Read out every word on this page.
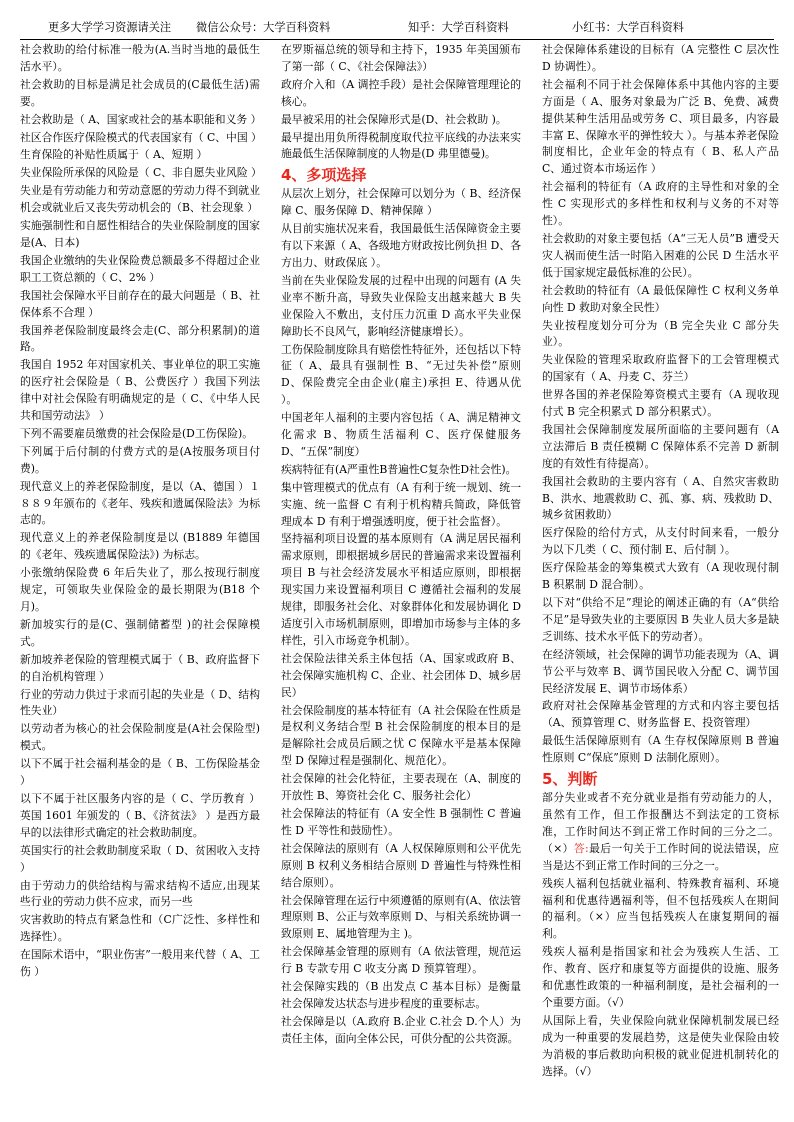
更多大学学习资源请关注 微信公众号：大学百科资料	知乎：大学百科资料	小红书：大学百科资料

社会救助的给付标准一般为(A.当时当地的最低生活水平）。

社会救助的目标是满足社会成员的(C最低生活)需要。

社会救助是（ A、国家或社会的基本职能和义务 ）

社区合作医疗保险模式的代表国家有（ C、中国 ）

生育保险的补贴性质属于（ A、短期 ）

失业保险所承保的风险是（ C、非自愿失业风险 ）

失业是有劳动能力和劳动意愿的劳动力得不到就业机会或就业后又丧失劳动机会的（B、社会现象 ）

实施强制性和自愿性相结合的失业保险制度的国家是(A、日本)

我国企业缴纳的失业保险费总额最多不得超过企业职工工资总额的（ C、2% ）

我国社会保障水平目前存在的最大问题是（ B、社保体系不合理 ）

我国养老保险制度最终会走(C、部分积累制)的道路。

我国自 1952 年对国家机关、事业单位的职工实施的医疗社会保险是（ B、公费医疗 ）我国下列法律中对社会保险有明确规定的是（ C、《中华人民共和国劳动法》 ）

下列不需要雇员缴费的社会保险是(D工伤保险)。

下列属于后付制的付费方式的是(A按服务项目付费)。

现代意义上的养老保险制度，是以（A、德国 ）１８８９年颁布的《老年、残疾和遗属保险法》为标志的。

现代意义上的养老保险制度是以 (B1889 年德国的《老年、残疾遗属保险法》) 为标志。

小张缴纳保险费 6 年后失业了，那么按现行制度规定，可领取失业保险金的最长期限为(B18 个月)。

新加坡实行的是(C、强制储蓄型 )的社会保障模式。

新加坡养老保险的管理模式属于（ B、政府监督下的自治机构管理 ）

行业的劳动力供过于求而引起的失业是（ D、结构性失业）

以劳动者为核心的社会保险制度是(A社会保险型)模式。

以下不属于社会福利基金的是（ B、工伤保险基金 ）

以下不属于社区服务内容的是（ C、学历教育 ）英国 1601 年颁发的（ B、《济贫法》 ）是西方最早的以法律形式确定的社会救助制度。

英国实行的社会救助制度采取（ D、贫困收入支持 ）

由于劳动力的供给结构与需求结构不适应,出现某些行业的劳动力供不应求，而另一些

灾害救助的特点有紧急性和（C广泛性、多样性和选择性）。

在国际术语中，“职业伤害”一般用来代替（ A、工伤 ）

在罗斯福总统的领导和主持下，1935 年美国颁布了第一部（ C、《社会保障法》）

政府介入和（A 调控手段）是社会保障管理理论的核心。

最早被采用的社会保障形式是(D、社会救助 )。

最早提出用负所得税制度取代拉平底线的办法来实施最低生活保障制度的人物是(D 弗里德曼)。

4、多项选择

从层次上划分，社会保障可以划分为（ B、经济保障 C、服务保障 D、精神保障 ）

从目前实施状况来看，我国最低生活保障资金主要有以下来源（ A、各级地方财政按比例负担 D、各方出力、财政保底 ）。

当前在失业保险发展的过程中出现的问题有 (A 失业率不断升高，导致失业保险支出越来越大 B 失业保险入不敷出，支付压力沉重 D 高水平失业保障助长不良风气，影响经济健康增长）。

工伤保险制度除具有赔偿性特征外，还包括以下特征（ A、最具有强制性 B、“无过失补偿”原则 D、保险费完全由企业(雇主)承担 E、待遇从优 ）。

中国老年人福利的主要内容包括（ A、满足精神文化需求 B、物质生活福利 C、医疗保健服务 D、“五保”制度）

疾病特征有(A严重性B普遍性C复杂性D社会性)。

集中管理模式的优点有（A 有利于统一规划、统一实施、统一监督 C 有利于机构精兵简政，降低管理成本 D 有利于增强透明度，便于社会监督）。

坚持福利项目设置的基本原则有（A 满足居民福利需求原则，即根据城乡居民的普遍需求来设置福利项目 B 与社会经济发展水平相适应原则，即根据现实国力来设置福利项目 C 遵循社会福利的发展规律，即服务社会化、对象群体化和发展协调化 D 适度引入市场机制原则，即增加市场参与主体的多样性，引入市场竞争机制）。

社会保险法律关系主体包括（A、国家或政府 B、社会保障实施机构 C、企业、社会团体 D、城乡居民）

社会保险制度的基本特征有（A 社会保险在性质是是权利义务结合型 B 社会保险制度的根本目的是是解除社会成员后顾之忧 C 保障水平是基本保障型 D 保障过程是强制化、规范化）。

社会保障的社会化特征，主要表现在（A、制度的开放性 B、筹资社会化 C、服务社会化）

社会保障法的特征有（A 安全性 B 强制性 C 普遍性 D 平等性和鼓励性）。

社会保障法的原则有（A 人权保障原则和公平优先原则 B 权利义务相结合原则 D 普遍性与特殊性相结合原则）。

社会保障管理在运行中须遵循的原则有(A、依法管理原则 B、公正与效率原则 D、与相关系统协调一致原则 E、属地管理为主 )。

社会保障基金管理的原则有（A 依法管理，规范运行 B 专款专用 C 收支分离 D 预算管理）。

社会保障实践的（B 出发点 C 基本目标）是衡量社会保障发达状态与进步程度的重要标志。

社会保障是以（A.政府 B.企业 C.社会 D.个人）为责任主体，面向全体公民，可供分配的公共资源。

社会保障体系建设的目标有（A 完整性 C 层次性 D 协调性）。

社会福利不同于社会保障体系中其他内容的主要方面是（ A、服务对象最为广泛 B、免费、减费提供某种生活用品或劳务 C、项目最多，内容最丰富 E、保障水平的弹性较大 ）。与基本养老保险制度相比，企业年金的特点有（ B、私人产品 C、通过资本市场运作 ）

社会福利的特征有（A 政府的主导性和对象的全性 C 实现形式的多样性和权利与义务的不对等性）。

社会救助的对象主要包括（A“三无人员”B 遭受天灾人祸而使生活一时陷入困难的公民 D 生活水平低于国家规定最低标准的公民）。

社会救助的特征有（A 最低保障性 C 权利义务单向性 D 救助对象全民性）

失业按程度划分可分为（B 完全失业 C 部分失业）。

失业保险的管理采取政府监督下的工会管理模式的国家有（ A、丹麦 C、芬兰）

世界各国的养老保险筹资模式主要有（A 现收现付式 B 完全积累式 D 部分积累式）。

我国社会保障制度发展所面临的主要问题有（A 立法滞后 B 责任模糊 C 保障体系不完善 D 新制度的有效性有待提高）。

我国社会救助的主要内容有（ A、自然灾害救助 B、洪水、地震救助 C、孤、寡、病、残救助 D、城乡贫困救助）

医疗保险的给付方式，从支付时间来看，一般分为以下几类（ C、预付制 E、后付制 ）。

医疗保险基金的筹集模式大致有（A 现收现付制 B 积累制 D 混合制）。

以下对“供给不足”理论的阐述正确的有（A“供给不足”是导致失业的主要原因 B 失业人员大多是缺乏训练、技术水平低下的劳动者）。

在经济领域，社会保障的调节功能表现为（A、调节公平与效率 B、调节国民收入分配 C、调节国民经济发展 E、调节市场体系）

政府对社会保障基金管理的方式和内容主要包括（A、预算管理 C、财务监督 E、投资管理）

最低生活保障原则有（A 生存权保障原则 B 普遍性原则 C“保底”原则 D 法制化原则）。

5、判断

部分失业或者不充分就业是指有劳动能力的人，虽然有工作，但工作报酬达不到法定的工资标准，工作时间达不到正常工作时间的三分之二。（×）答:最后一句关于工作时间的说法错误，应当是达不到正常工作时间的三分之一。

残疾人福利包括就业福利、特殊教育福利、环境福利和优惠待遇福利等，但不包括残疾人在期间的福利。（×）应当包括残疾人在康复期间的福利。

残疾人福利是指国家和社会为残疾人生活、工作、教育、医疗和康复等方面提供的设施、服务和优惠性政策的一种福利制度，是社会福利的一个重要方面。（√）

从国际上看，失业保险向就业保障机制发展已经成为一种重要的发展趋势，这是使失业保险由较为消极的事后救助向积极的就业促进机制转化的选择。（√）
